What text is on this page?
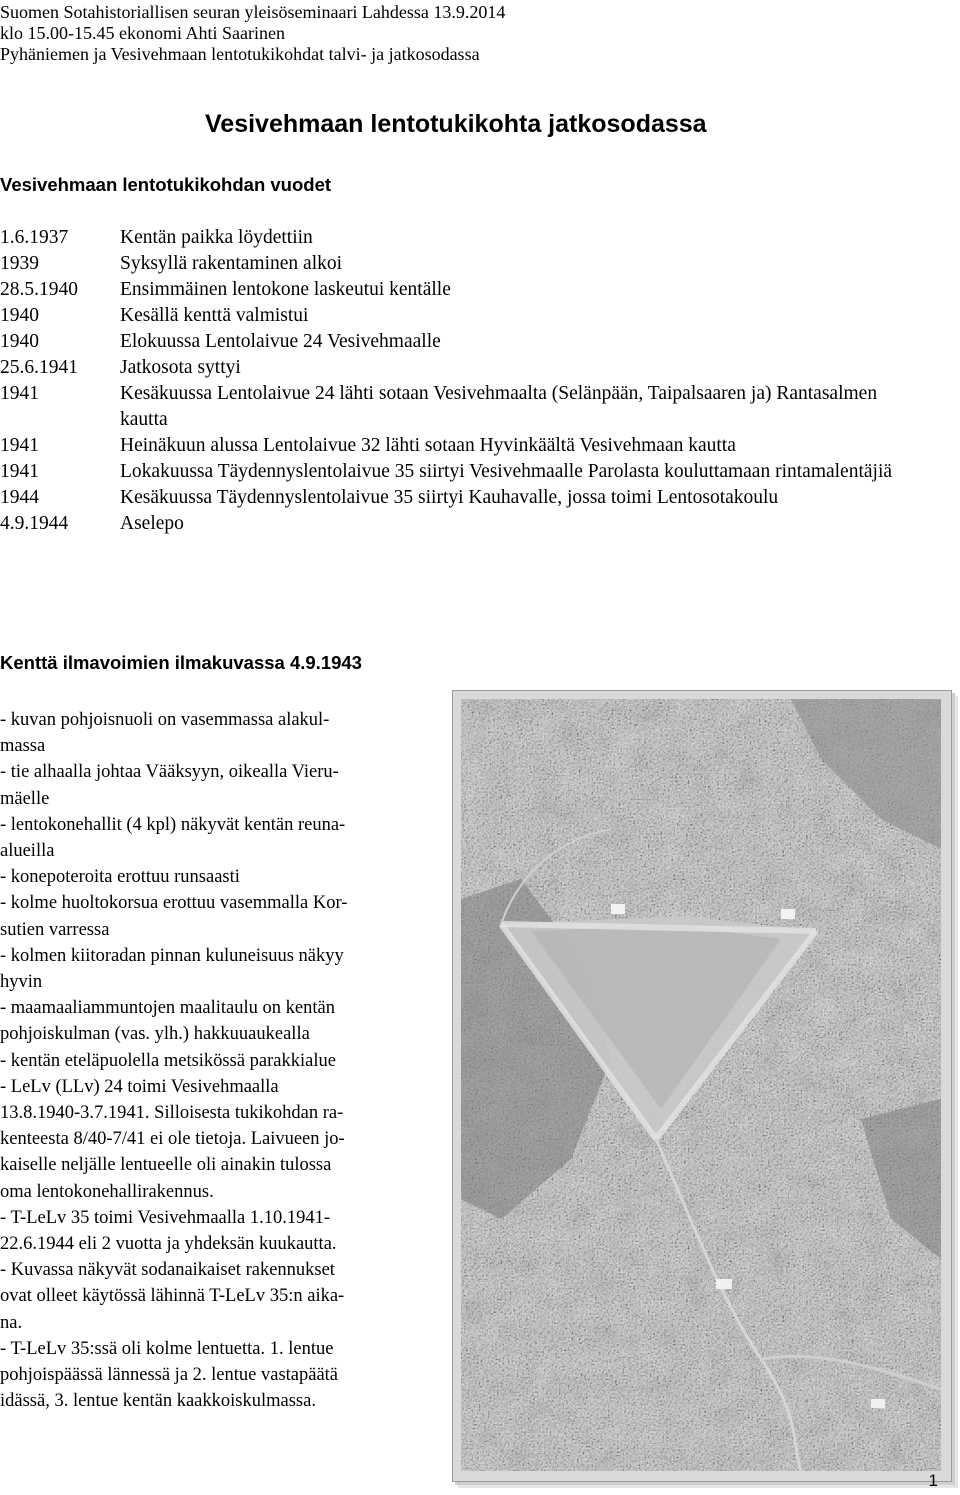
Suomen Sotahistoriallisen seuran yleisöseminaari Lahdessa 13.9.2014
klo 15.00-15.45 ekonomi Ahti Saarinen
Pyhäniemen ja Vesivehmaan lentotukikohdat talvi- ja jatkosodassa
Vesivehmaan lentotukikohta jatkosodassa
Vesivehmaan lentotukikohdan vuodet
1.6.1937	Kentän paikka löydettiin
1939	Syksyllä rakentaminen alkoi
28.5.1940	Ensimmäinen lentokone laskeutui kentälle
1940	Kesällä kenttä valmistui
1940	Elokuussa Lentolaivue 24 Vesivehmaalle
25.6.1941	Jatkosota syttyi
1941	Kesäkuussa Lentolaivue 24 lähti sotaan Vesivehmaalta (Selänpään, Taipalsaaren ja) Rantasalmen kautta
1941	Heinäkuun alussa Lentolaivue 32 lähti sotaan Hyvinkäältä Vesivehmaan kautta
1941	Lokakuussa Täydennyslentolaivue 35 siirtyi Vesivehmaalle Parolasta kouluttamaan rintamalentäjiä
1944	Kesäkuussa Täydennyslentolaivue 35 siirtyi Kauhavalle, jossa toimi Lentosotakoulu
4.9.1944	Aselepo
Kenttä ilmavoimien ilmakuvassa 4.9.1943
- kuvan pohjoisnuoli on vasemmassa alakul-
massa
- tie alhaalla johtaa Vääksyyn, oikealla Vieru-
mäelle
- lentokonehallit (4 kpl) näkyvät kentän reuna-
alueilla
- konepoteroita erottuu runsaasti
- kolme huoltokorsua erottuu vasemmalla Kor-
sutien varressa
- kolmen kiitoradan pinnan kuluneisuus näkyy
hyvin
- maamaaliammuntojen maalitaulu on kentän
pohjoiskulman (vas. ylh.) hakkuuaukealla
- kentän eteläpuolella metsikössä parakkialue
- LeLv (LLv) 24 toimi Vesivehmaalla
13.8.1940-3.7.1941. Silloisesta tukikohdan ra-
kenteesta 8/40-7/41 ei ole tietoja. Laivueen jo-
kaiselle neljälle lentueelle oli ainakin tulossa
oma lentokonehallirakennus.
- T-LeLv 35 toimi Vesivehmaalla 1.10.1941-
22.6.1944 eli 2 vuotta ja yhdeksän kuukautta.
- Kuvassa näkyvät sodanaikaiset rakennukset
ovat olleet käytössä lähinnä T-LeLv 35:n aika-
na.
- T-LeLv 35:ssä oli kolme lentuetta. 1. lentue
pohjoispäässä lännessä ja 2. lentue vastapäätä
idässä, 3. lentue kentän kaakkoiskulmassa.
1
